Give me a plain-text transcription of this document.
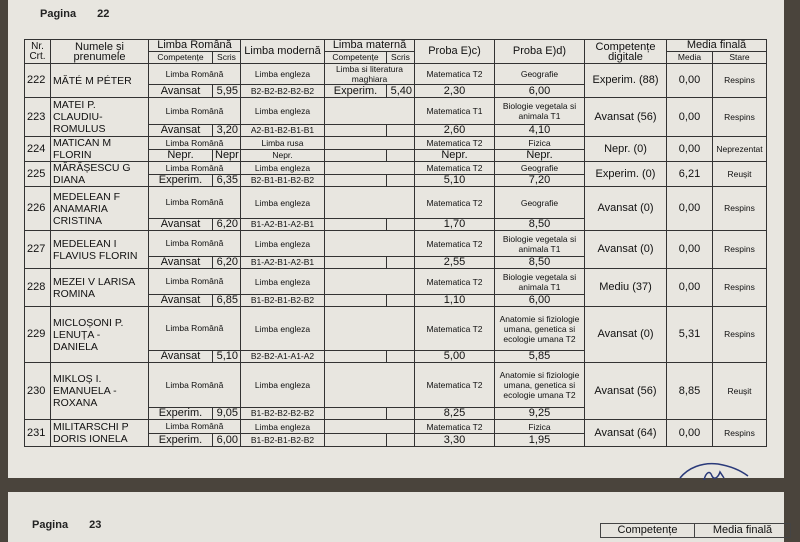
Pagina 22
Nr. Crt.	Numele și prenumele	Limba Română		Limba modernă	Limba maternă		Proba E)c)	Proba E)d)	Competențe digitale	Media finală	
		Competențe	Scris		Competențe	Scris				Media	Stare
222	MĂTÉ M PÉTER	Limba Română		Limba engleza	Limba si literatura maghiara		Matematica T2	Geografie	Experim. (88)	0,00	Respins
		Avansat	5,95	B2-B2-B2-B2-B2	Experim.	5,40	2,30	6,00			
223	MATEI P. CLAUDIU-ROMULUS	Limba Română		Limba engleza			Matematica T1	Biologie vegetala si animala T1	Avansat (56)	0,00	Respins
		Avansat	3,20	A2-B1-B2-B1-B1			2,60	4,10			
224	MATICAN M FLORIN	Limba Română		Limba rusa			Matematica T2	Fizica	Nepr. (0)	0,00	Neprezentat
		Nepr.	Nepr	Nepr.			Nepr.	Nepr.			
225	MĂRĂȘESCU G DIANA	Limba Română		Limba engleza			Matematica T2	Geografie	Experim. (0)	6,21	Reușit
		Experim.	6,35	B2-B1-B1-B2-B2			5,10	7,20			
226	MEDELEAN F ANAMARIA CRISTINA	Limba Română		Limba engleza			Matematica T2	Geografie	Avansat (0)	0,00	Respins
		Avansat	6,20	B1-A2-B1-A2-B1			1,70	8,50			
227	MEDELEAN I FLAVIUS FLORIN	Limba Română		Limba engleza			Matematica T2	Biologie vegetala si animala T1	Avansat (0)	0,00	Respins
		Avansat	6,20	B1-A2-B1-A2-B1			2,55	8,50			
228	MEZEI V LARISA ROMINA	Limba Română		Limba engleza			Matematica T2	Biologie vegetala si animala T1	Mediu (37)	0,00	Respins
		Avansat	6,85	B1-B2-B1-B2-B2			1,10	6,00			
229	MICLOȘONI P. LENUȚA - DANIELA	Limba Română		Limba engleza			Matematica T2	Anatomie si fiziologie umana, genetica si ecologie umana T2	Avansat (0)	5,31	Respins
		Avansat	5,10	B2-B2-A1-A1-A2			5,00	5,85			
230	MIKLOȘ I. EMANUELA - ROXANA	Limba Română		Limba engleza			Matematica T2	Anatomie si fiziologie umana, genetica si ecologie umana T2	Avansat (56)	8,85	Reușit
		Experim.	9,05	B1-B2-B2-B2-B2			8,25	9,25			
231	MILITARSCHI P DORIS IONELA	Limba Română		Limba engleza			Matematica T2	Fizica	Avansat (64)	0,00	Respins
		Experim.	6,00	B1-B2-B1-B2-B2			3,30	1,95			
Pagina 23	Competențe	Media finală
